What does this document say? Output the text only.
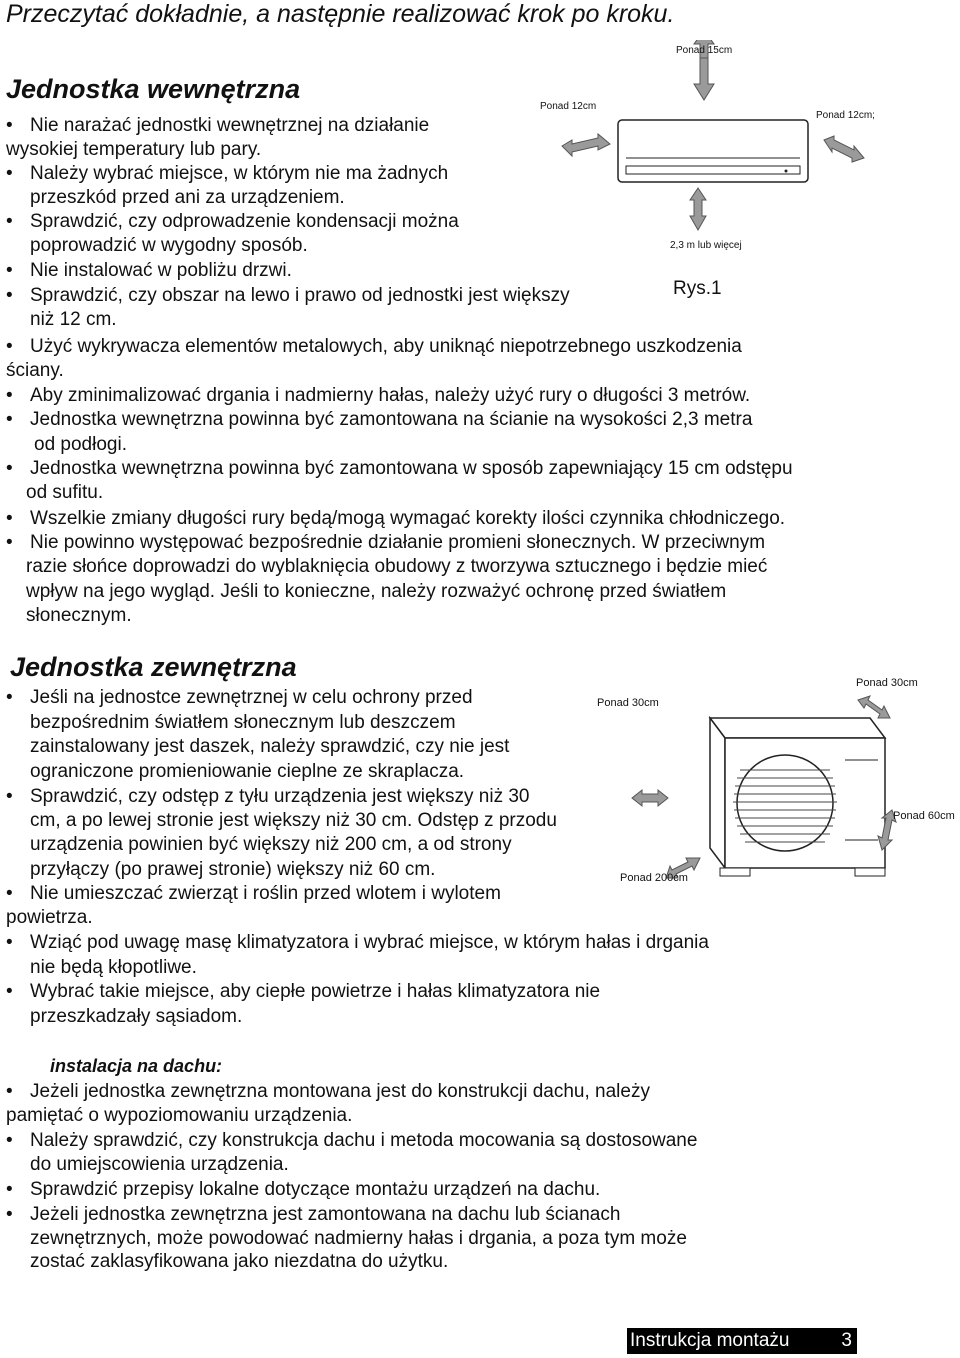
Przeczytać dokładnie, a następnie realizować krok po kroku.
Jednostka wewnętrzna
• Nie narażać jednostki wewnętrznej na działanie
wysokiej temperatury lub pary.
• Należy wybrać miejsce, w którym nie ma żadnych
przeszkód przed ani za urządzeniem.
• Sprawdzić, czy odprowadzenie kondensacji można
poprowadzić w wygodny sposób.
• Nie instalować w pobliżu drzwi.
• Sprawdzić, czy obszar na lewo i prawo od jednostki jest większy
niż 12 cm.
• Użyć wykrywacza elementów metalowych, aby uniknąć niepotrzebnego uszkodzenia
ściany.
• Aby zminimalizować drgania i nadmierny hałas, należy użyć rury o długości 3 metrów.
• Jednostka wewnętrzna powinna być zamontowana na ścianie na wysokości 2,3 metra
od podłogi.
• Jednostka wewnętrzna powinna być zamontowana w sposób zapewniający 15 cm odstępu
od sufitu.
• Wszelkie zmiany długości rury będą/mogą wymagać korekty ilości czynnika chłodniczego.
• Nie powinno występować bezpośrednie działanie promieni słonecznych. W przeciwnym
razie słońce doprowadzi do wyblaknięcia obudowy z tworzywa sztucznego i będzie mieć
wpływ na jego wygląd. Jeśli to konieczne, należy rozważyć ochronę przed światłem
słonecznym.
Ponad 15cm
Ponad 12cm
Ponad 12cm;
2,3 m lub więcej
Rys.1
Jednostka zewnętrzna
• Jeśli na jednostce zewnętrznej w celu ochrony przed
bezpośrednim światłem słonecznym lub deszczem
zainstalowany jest daszek, należy sprawdzić, czy nie jest
ograniczone promieniowanie cieplne ze skraplacza.
• Sprawdzić, czy odstęp z tyłu urządzenia jest większy niż 30
cm, a po lewej stronie jest większy niż 30 cm. Odstęp z przodu
urządzenia powinien być większy niż 200 cm, a od strony
przyłączy (po prawej stronie) większy niż 60 cm.
• Nie umieszczać zwierząt i roślin przed wlotem i wylotem
powietrza.
• Wziąć pod uwagę masę klimatyzatora i wybrać miejsce, w którym hałas i drgania
nie będą kłopotliwe.
• Wybrać takie miejsce, aby ciepłe powietrze i hałas klimatyzatora nie
przeszkadzały sąsiadom.
Ponad 30cm
Ponad 30cm
Ponad 60cm
Ponad 200cm
instalacja na dachu:
• Jeżeli jednostka zewnętrzna montowana jest do konstrukcji dachu, należy
pamiętać o wypoziomowaniu urządzenia.
• Należy sprawdzić, czy konstrukcja dachu i metoda mocowania są dostosowane
do umiejscowienia urządzenia.
• Sprawdzić przepisy lokalne dotyczące montażu urządzeń na dachu.
• Jeżeli jednostka zewnętrzna jest zamontowana na dachu lub ścianach
zewnętrznych, może powodować nadmierny hałas i drgania, a poza tym może
zostać zaklasyfikowana jako niezdatna do użytku.
Instrukcja montażu	3
